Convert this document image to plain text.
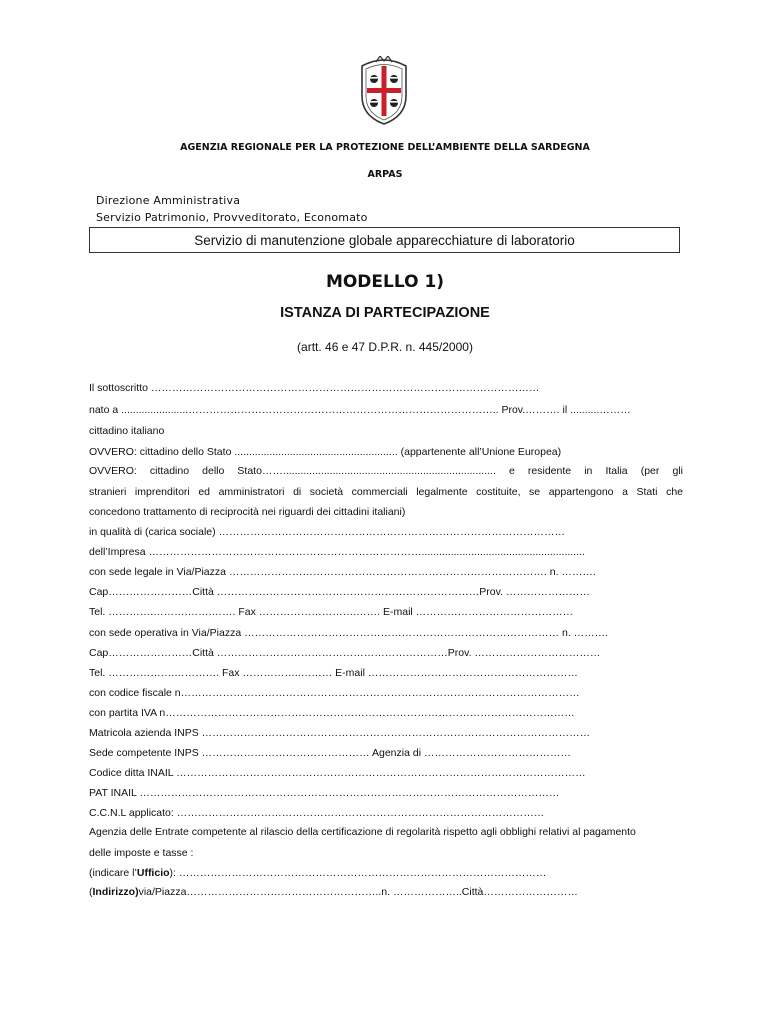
AGENZIA REGIONALE PER LA PROTEZIONE DELL’AMBIENTE DELLA SARDEGNA
ARPAS
Direzione Amministrativa
Servizio Patrimonio, Provveditorato, Economato
Servizio di manutenzione globale apparecchiature di laboratorio
MODELLO 1)
ISTANZA DI PARTECIPAZIONE
(artt. 46 e 47 D.P.R. n. 445/2000)
Il sottoscritto …………………………………………………………………………………………………
nato a .......................…………………………………………………………………………….. Prov.………. il ..........………
cittadino italiano
OVVERO: cittadino dello Stato ........................................................ (appartenente all’Unione Europea)
OVVERO: cittadino dello Stato……......................................................................... e residente in Italia (per gli
stranieri imprenditori ed amministratori di società commerciali legalmente costituite, se appartengono a Stati che
concedono trattamento di reciprocità nei riguardi dei cittadini italiani)
in qualità di (carica sociale) ………………………………………………………………………………………
dell’Impresa ……………………………………………………………………........................................................
con sede legale in Via/Piazza ………………………………………………………………………………. n. ……….
Cap……………………Città …………………………………………………………………Prov. ……………………
Tel. ………….……….…….……. Fax ……………………….……. E-mail ………………………………………
con sede operativa in Via/Piazza ……………………………………………………………………………… n. ……….
Cap……………………Città …………………………………………………………Prov. ………………………………
Tel. ……………….…………. Fax ……………..……… E-mail ……………………………………………………
con codice fiscale n……………………………………………………………………………………………………
con partita IVA n………………………………………………………………………………………………………
Matricola azienda INPS …………………………………………………………………………………………………
Sede competente INPS ………………………………………… Agenzia di ……………………………………
Codice ditta INAIL ………………………………………………………………………………………………………
PAT INAIL …………………………………………………………………………………………………………
C.C.N.L applicato: ……………………………………………………………………………………………
Agenzia delle Entrate competente al rilascio della certificazione di regolarità rispetto agli obblighi relativi al pagamento
delle imposte e tasse :
(indicare l’Ufficio): ……………………………………………………………………………………………
(Indirizzo)via/Piazza………………………………………………..n. ………………..Città………………………
